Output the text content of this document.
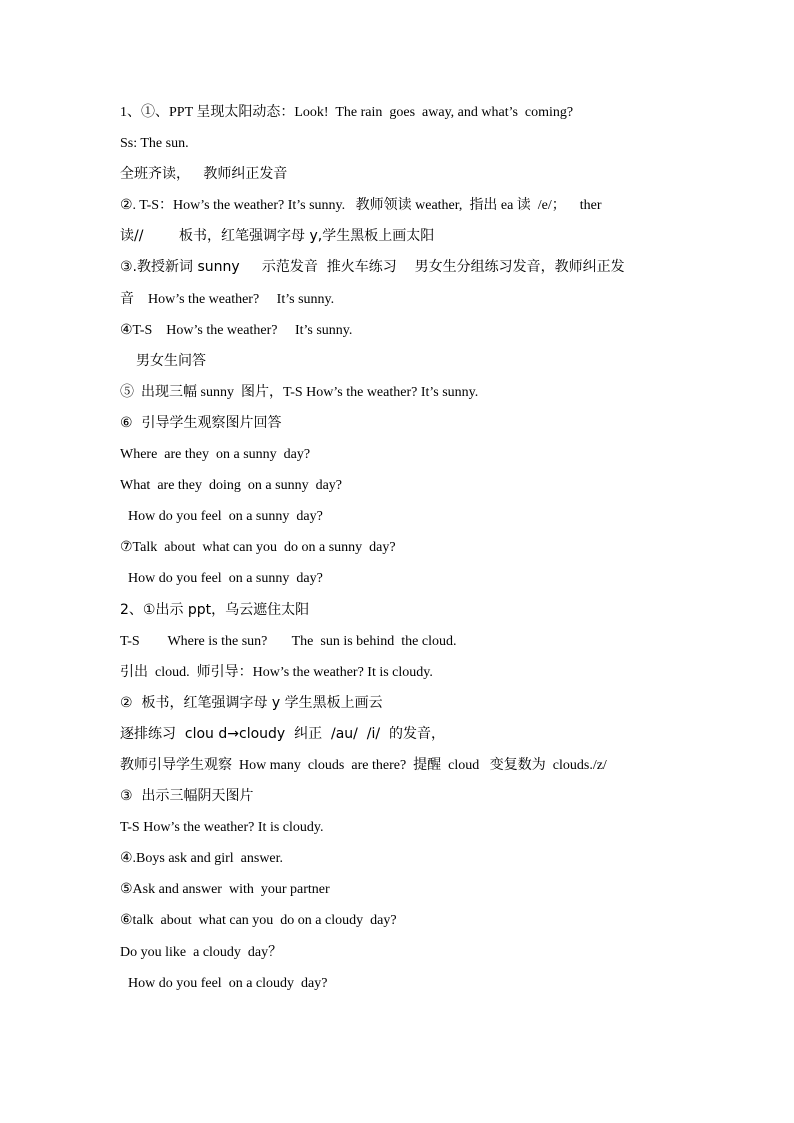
1、①、PPT 呈现太阳动态：Look!  The rain  goes  away, and what’s  coming?
Ss: The sun.
全班齐读，   教师纠正发音
②. T-S：How’s the weather? It’s sunny.   教师领读 weather,  指出 ea 读  /e/；    ther
读//        板书，红笔强调字母 y,学生黑板上画太阳
③.教授新词 sunny     示范发音  推火车练习    男女生分组练习发音，教师纠正发
音    How’s the weather?     It’s sunny.
④T-S    How’s the weather?     It’s sunny.
男女生问答
⑤  出现三幅 sunny  图片，T-S How’s the weather? It’s sunny.
⑥  引导学生观察图片回答
Where  are they  on a sunny  day?
What  are they  doing  on a sunny  day?
How do you feel  on a sunny  day?
⑦Talk  about  what can you  do on a sunny  day?
How do you feel  on a sunny  day?
2、①出示 ppt，乌云遮住太阳
T-S        Where is the sun?       The  sun is behind  the cloud.
引出  cloud.  师引导：How’s the weather? It is cloudy.
②  板书，红笔强调字母 y 学生黑板上画云
逐排练习  clou d→cloudy  纠正  /au/  /i/  的发音，
教师引导学生观察  How many  clouds  are there?  提醒  cloud   变复数为  clouds./z/
③  出示三幅阴天图片
T-S How’s the weather? It is cloudy.
④.Boys ask and girl  answer.
⑤Ask and answer  with  your partner
⑥talk  about  what can you  do on a cloudy  day?
Do you like  a cloudy  day？
How do you feel  on a cloudy  day?
